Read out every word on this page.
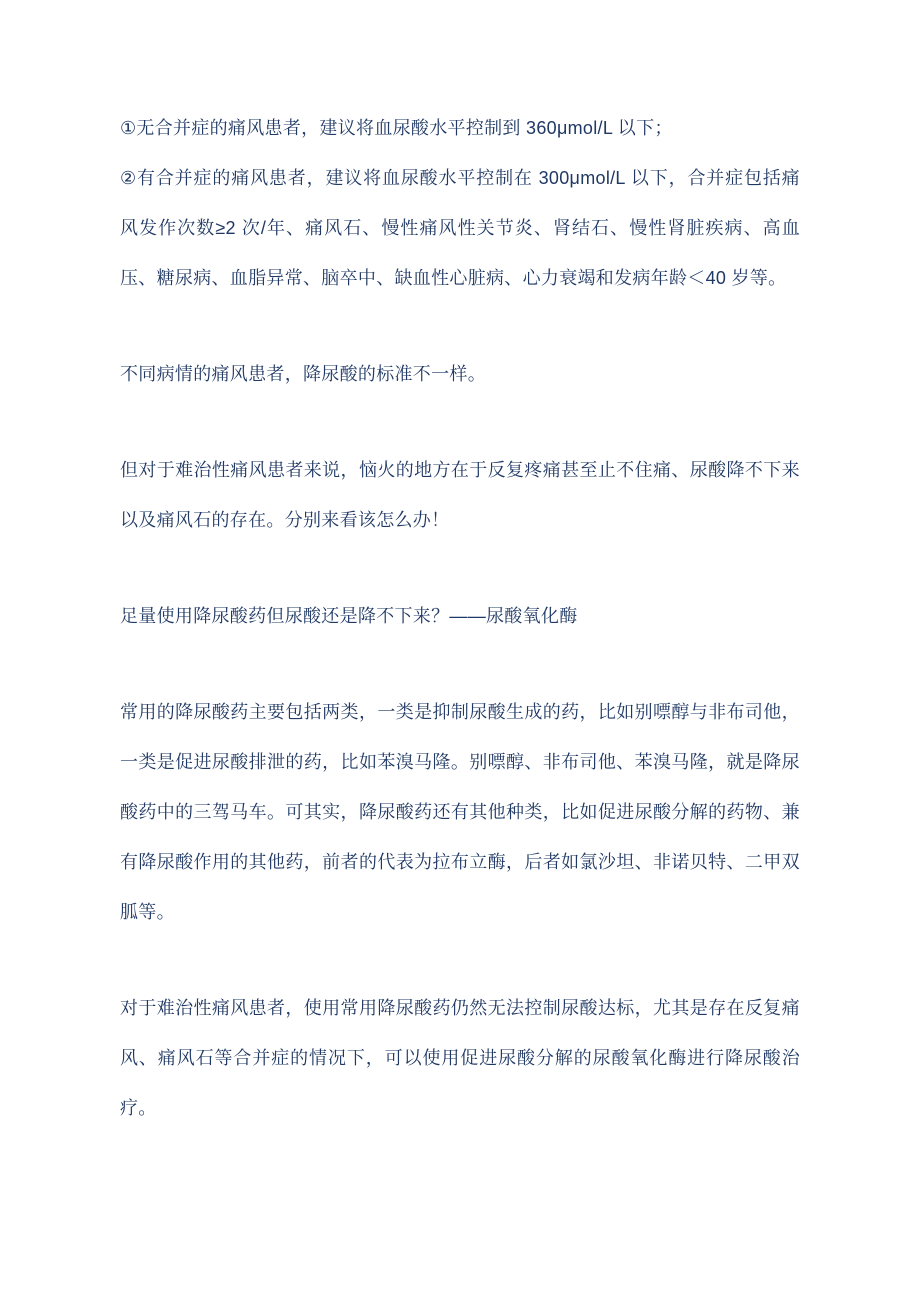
①无合并症的痛风患者，建议将血尿酸水平控制到 360μmol/L 以下；

②有合并症的痛风患者，建议将血尿酸水平控制在 300μmol/L 以下，合并症包括痛风发作次数≥2 次/年、痛风石、慢性痛风性关节炎、肾结石、慢性肾脏疾病、高血压、糖尿病、血脂异常、脑卒中、缺血性心脏病、心力衰竭和发病年龄＜40 岁等。

不同病情的痛风患者，降尿酸的标准不一样。

但对于难治性痛风患者来说，恼火的地方在于反复疼痛甚至止不住痛、尿酸降不下来以及痛风石的存在。分别来看该怎么办！

足量使用降尿酸药但尿酸还是降不下来？——尿酸氧化酶

常用的降尿酸药主要包括两类，一类是抑制尿酸生成的药，比如别嘌醇与非布司他，一类是促进尿酸排泄的药，比如苯溴马隆。别嘌醇、非布司他、苯溴马隆，就是降尿酸药中的三驾马车。可其实，降尿酸药还有其他种类，比如促进尿酸分解的药物、兼有降尿酸作用的其他药，前者的代表为拉布立酶，后者如氯沙坦、非诺贝特、二甲双胍等。

对于难治性痛风患者，使用常用降尿酸药仍然无法控制尿酸达标，尤其是存在反复痛风、痛风石等合并症的情况下，可以使用促进尿酸分解的尿酸氧化酶进行降尿酸治疗。
